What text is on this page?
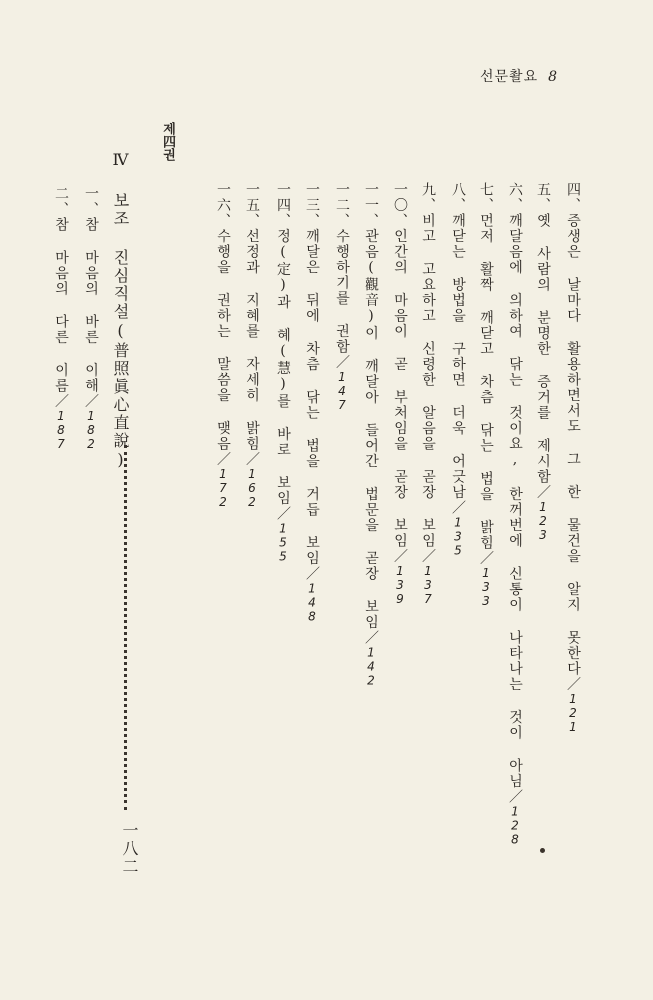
선문촬요 8
四、증생은 날마다 활용하면서도 그 한 물건을 알지 못한다／121
五、옛 사람의 분명한 증거를 제시함／123
六、깨달음에 의하여 닦는 것이요, 한꺼번에 신통이 나타나는 것이 아님／128
七、먼저 활짝 깨닫고 차츰 닦는 법을 밝힘／133
八、깨닫는 방법을 구하면 더욱 어긋남／135
九、비고 고요하고 신령한 알음을 곧장 보임／137
一〇、인간의 마음이 곧 부처임을 곧장 보임／139
一一、관음(觀音)이 깨달아 들어간 법문을 곧장 보임／142
一二、수행하기를 권함／147
一三、깨달은 뒤에 차츰 닦는 법을 거듭 보임／148
一四、정(定)과 혜(慧)를 바로 보임／155
一五、선정과 지혜를 자세히 밝힘／162
一六、수행을 권하는 말씀을 맺음／172
제四권
Ⅳ 보조 진심직설(普照眞心直說)
一八二
一、참 마음의 바른 이해／182
二、참 마음의 다른 이름／187
